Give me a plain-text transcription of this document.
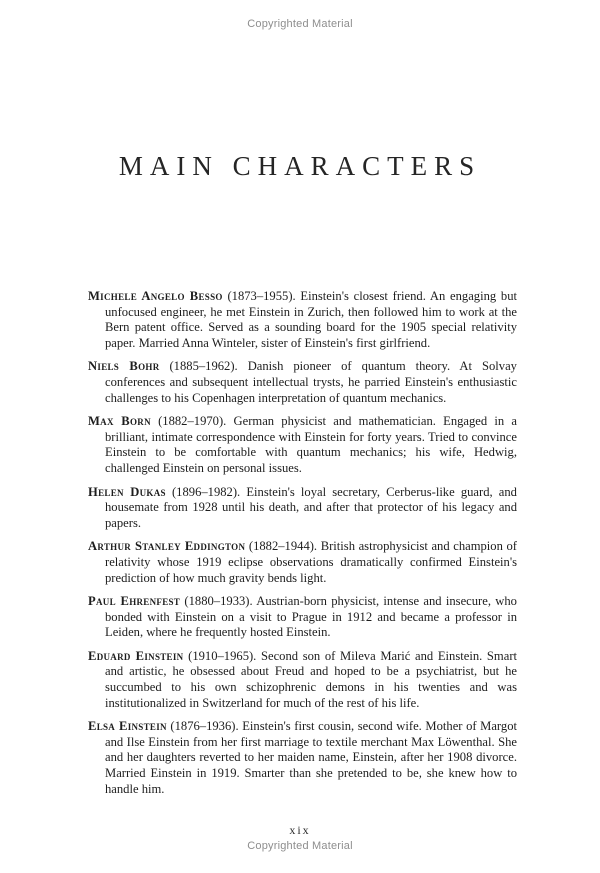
Copyrighted Material
MAIN CHARACTERS

Michele Angelo Besso (1873–1955). Einstein's closest friend. An engaging but unfocused engineer, he met Einstein in Zurich, then followed him to work at the Bern patent office. Served as a sounding board for the 1905 special relativity paper. Married Anna Winteler, sister of Einstein's first girlfriend.

Niels Bohr (1885–1962). Danish pioneer of quantum theory. At Solvay conferences and subsequent intellectual trysts, he parried Einstein's enthusiastic challenges to his Copenhagen interpretation of quantum mechanics.

Max Born (1882–1970). German physicist and mathematician. Engaged in a brilliant, intimate correspondence with Einstein for forty years. Tried to convince Einstein to be comfortable with quantum mechanics; his wife, Hedwig, challenged Einstein on personal issues.

Helen Dukas (1896–1982). Einstein's loyal secretary, Cerberus-like guard, and housemate from 1928 until his death, and after that protector of his legacy and papers.

Arthur Stanley Eddington (1882–1944). British astrophysicist and champion of relativity whose 1919 eclipse observations dramatically confirmed Einstein's prediction of how much gravity bends light.

Paul Ehrenfest (1880–1933). Austrian-born physicist, intense and insecure, who bonded with Einstein on a visit to Prague in 1912 and became a professor in Leiden, where he frequently hosted Einstein.

Eduard Einstein (1910–1965). Second son of Mileva Marić and Einstein. Smart and artistic, he obsessed about Freud and hoped to be a psychiatrist, but he succumbed to his own schizophrenic demons in his twenties and was institutionalized in Switzerland for much of the rest of his life.

Elsa Einstein (1876–1936). Einstein's first cousin, second wife. Mother of Margot and Ilse Einstein from her first marriage to textile merchant Max Löwenthal. She and her daughters reverted to her maiden name, Einstein, after her 1908 divorce. Married Einstein in 1919. Smarter than she pretended to be, she knew how to handle him.

xix
Copyrighted Material
